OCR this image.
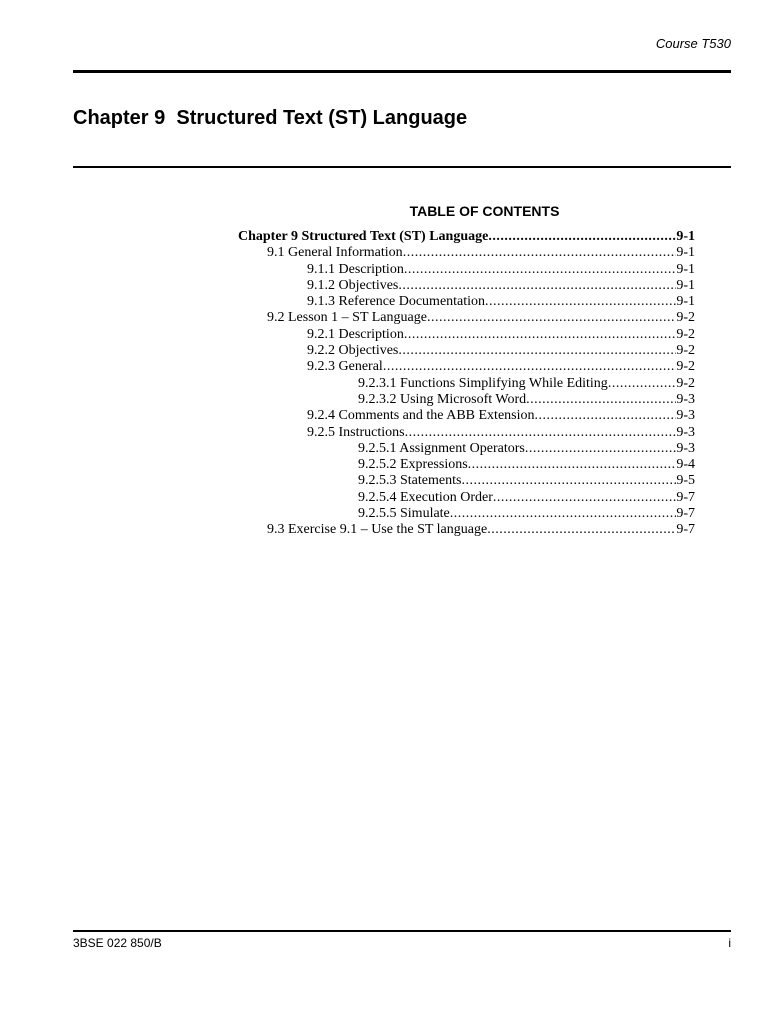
Course T530
Chapter 9  Structured Text (ST) Language
TABLE OF CONTENTS
Chapter 9 Structured Text (ST) Language .....	9-1
9.1 General Information .....	9-1
9.1.1 Description .....	9-1
9.1.2 Objectives .....	9-1
9.1.3 Reference Documentation .....	9-1
9.2 Lesson 1 – ST Language .....	9-2
9.2.1 Description .....	9-2
9.2.2 Objectives .....	9-2
9.2.3 General .....	9-2
9.2.3.1 Functions Simplifying While Editing .....	9-2
9.2.3.2 Using Microsoft Word .....	9-3
9.2.4 Comments and the ABB Extension .....	9-3
9.2.5 Instructions .....	9-3
9.2.5.1 Assignment Operators .....	9-3
9.2.5.2 Expressions .....	9-4
9.2.5.3 Statements .....	9-5
9.2.5.4 Execution Order .....	9-7
9.2.5.5 Simulate .....	9-7
9.3 Exercise 9.1 – Use the ST language .....	9-7
3BSE 022 850/B	i
